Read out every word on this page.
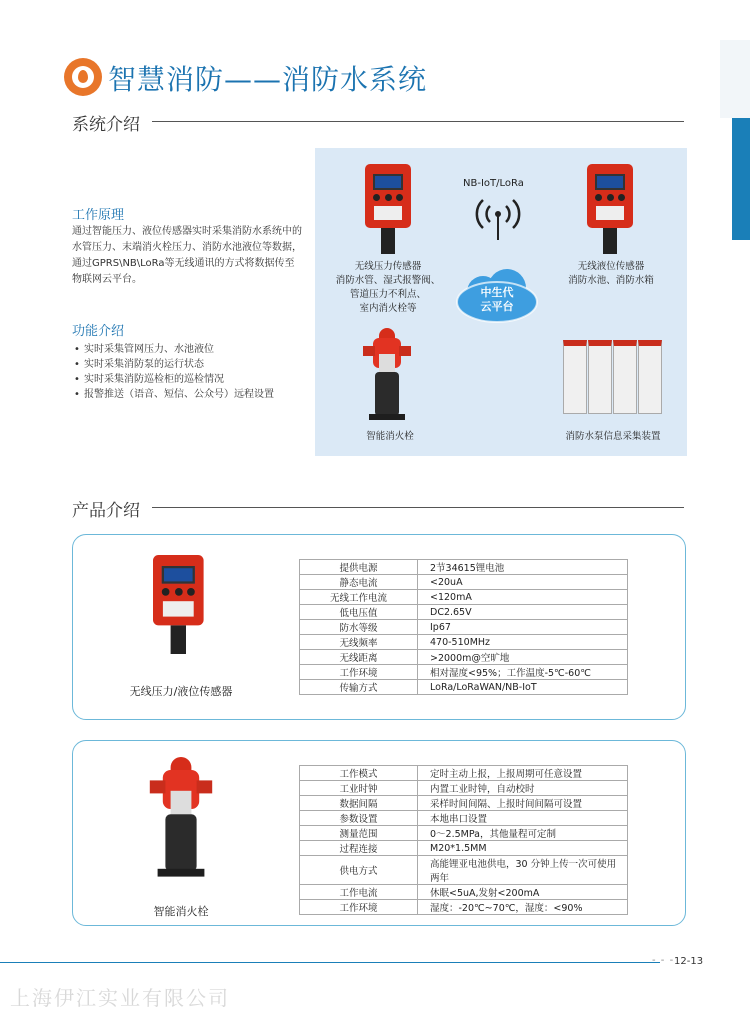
智慧消防——消防水系统
系统介绍
工作原理
通过智能压力、液位传感器实时采集消防水系统中的水管压力、末端消火栓压力、消防水池液位等数据，通过GPRS\NB\LoRa等无线通讯的方式将数据传至物联网云平台。
功能介绍
• 实时采集管网压力、水池液位
• 实时采集消防泵的运行状态
• 实时采集消防巡检柜的巡检情况
• 报警推送（语音、短信、公众号）远程设置
无线压力传感器
消防水管、湿式报警阀、
管道压力不利点、
室内消火栓等
NB-IoT/LoRa
中生代
云平台
无线液位传感器
消防水池、消防水箱
智能消火栓	消防水泵信息采集装置
产品介绍
无线压力/液位传感器
提供电源	2节34615锂电池
静态电流	<20uA
无线工作电流	<120mA
低电压值	DC2.65V
防水等级	Ip67
无线频率	470-510MHz
无线距离	>2000m@空旷地
工作环境	相对湿度<95%；工作温度-5℃-60℃
传输方式	LoRa/LoRaWAN/NB-IoT
智能消火栓
工作模式	定时主动上报，上报周期可任意设置
工业时钟	内置工业时钟，自动校时
数据间隔	采样时间间隔、上报时间间隔可设置
参数设置	本地串口设置
测量范围	0～2.5MPa，其他量程可定制
过程连接	M20*1.5MM
供电方式	高能锂亚电池供电，30 分钟上传一次可使用两年
工作电流	休眠<5uA,发射<200mA
工作环境	湿度：-20℃~70℃，湿度：<90%
- - - 12-13
上海伊江实业有限公司
